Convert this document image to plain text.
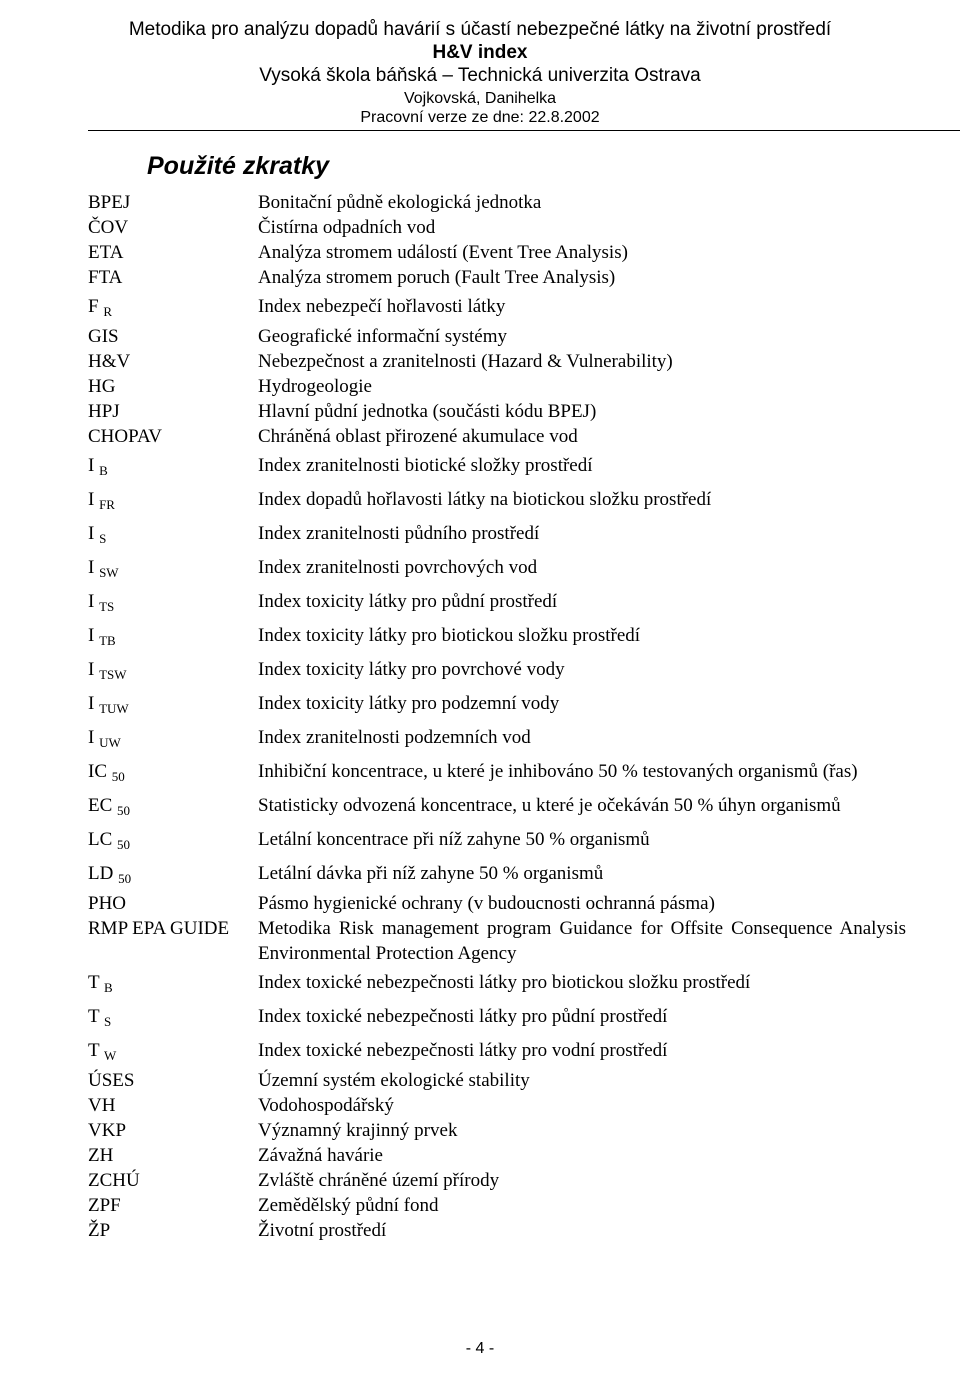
Metodika pro analýzu dopadů havárií s účastí nebezpečné látky na životní prostředí
H&V index
Vysoká škola báňská – Technická univerzita Ostrava
Vojkovská, Danihelka
Pracovní verze ze dne: 22.8.2002
Použité zkratky
BPEJ	Bonitační půdně ekologická jednotka
ČOV	Čistírna odpadních vod
ETA	Analýza stromem událostí (Event Tree Analysis)
FTA	Analýza stromem poruch (Fault Tree Analysis)
F $_R$	Index nebezpečí hořlavosti látky
GIS	Geografické informační systémy
H&V	Nebezpečnost a zranitelnosti (Hazard & Vulnerability)
HG	Hydrogeologie
HPJ	Hlavní půdní jednotka (součásti kódu BPEJ)
CHOPAV	Chráněná oblast přirozené akumulace vod
I $_B$	Index zranitelnosti biotické složky prostředí
I $_{FR}$	Index dopadů hořlavosti látky na biotickou složku prostředí
I $_S$	Index zranitelnosti půdního prostředí
I $_{SW}$	Index zranitelnosti povrchových vod
I $_{TS}$	Index toxicity látky pro půdní prostředí
I $_{TB}$	Index toxicity látky pro biotickou složku prostředí
I $_{TSW}$	Index toxicity látky pro povrchové vody
I $_{TUW}$	Index toxicity látky pro podzemní vody
I $_{UW}$	Index zranitelnosti podzemních vod
IC $_{50}$	Inhibiční koncentrace, u které je inhibováno 50 % testovaných organismů (řas)
EC $_{50}$	Statisticky odvozená koncentrace, u které je očekáván 50 % úhyn organismů
LC $_{50}$	Letální koncentrace při níž zahyne 50 % organismů
LD $_{50}$	Letální dávka při níž zahyne 50 % organismů
PHO	Pásmo hygienické ochrany (v budoucnosti ochranná pásma)
RMP EPA GUIDE	Metodika Risk management program Guidance for Offsite Consequence Analysis Environmental Protection Agency
T $_B$	Index toxické nebezpečnosti látky pro biotickou složku prostředí
T $_S$	Index toxické nebezpečnosti látky pro půdní prostředí
T $_W$	Index toxické nebezpečnosti látky pro vodní prostředí
ÚSES	Územní systém ekologické stability
VH	Vodohospodářský
VKP	Významný krajinný prvek
ZH	Závažná havárie
ZCHÚ	Zvláště chráněné území přírody
ZPF	Zemědělský půdní fond
ŽP	Životní prostředí
- 4 -
